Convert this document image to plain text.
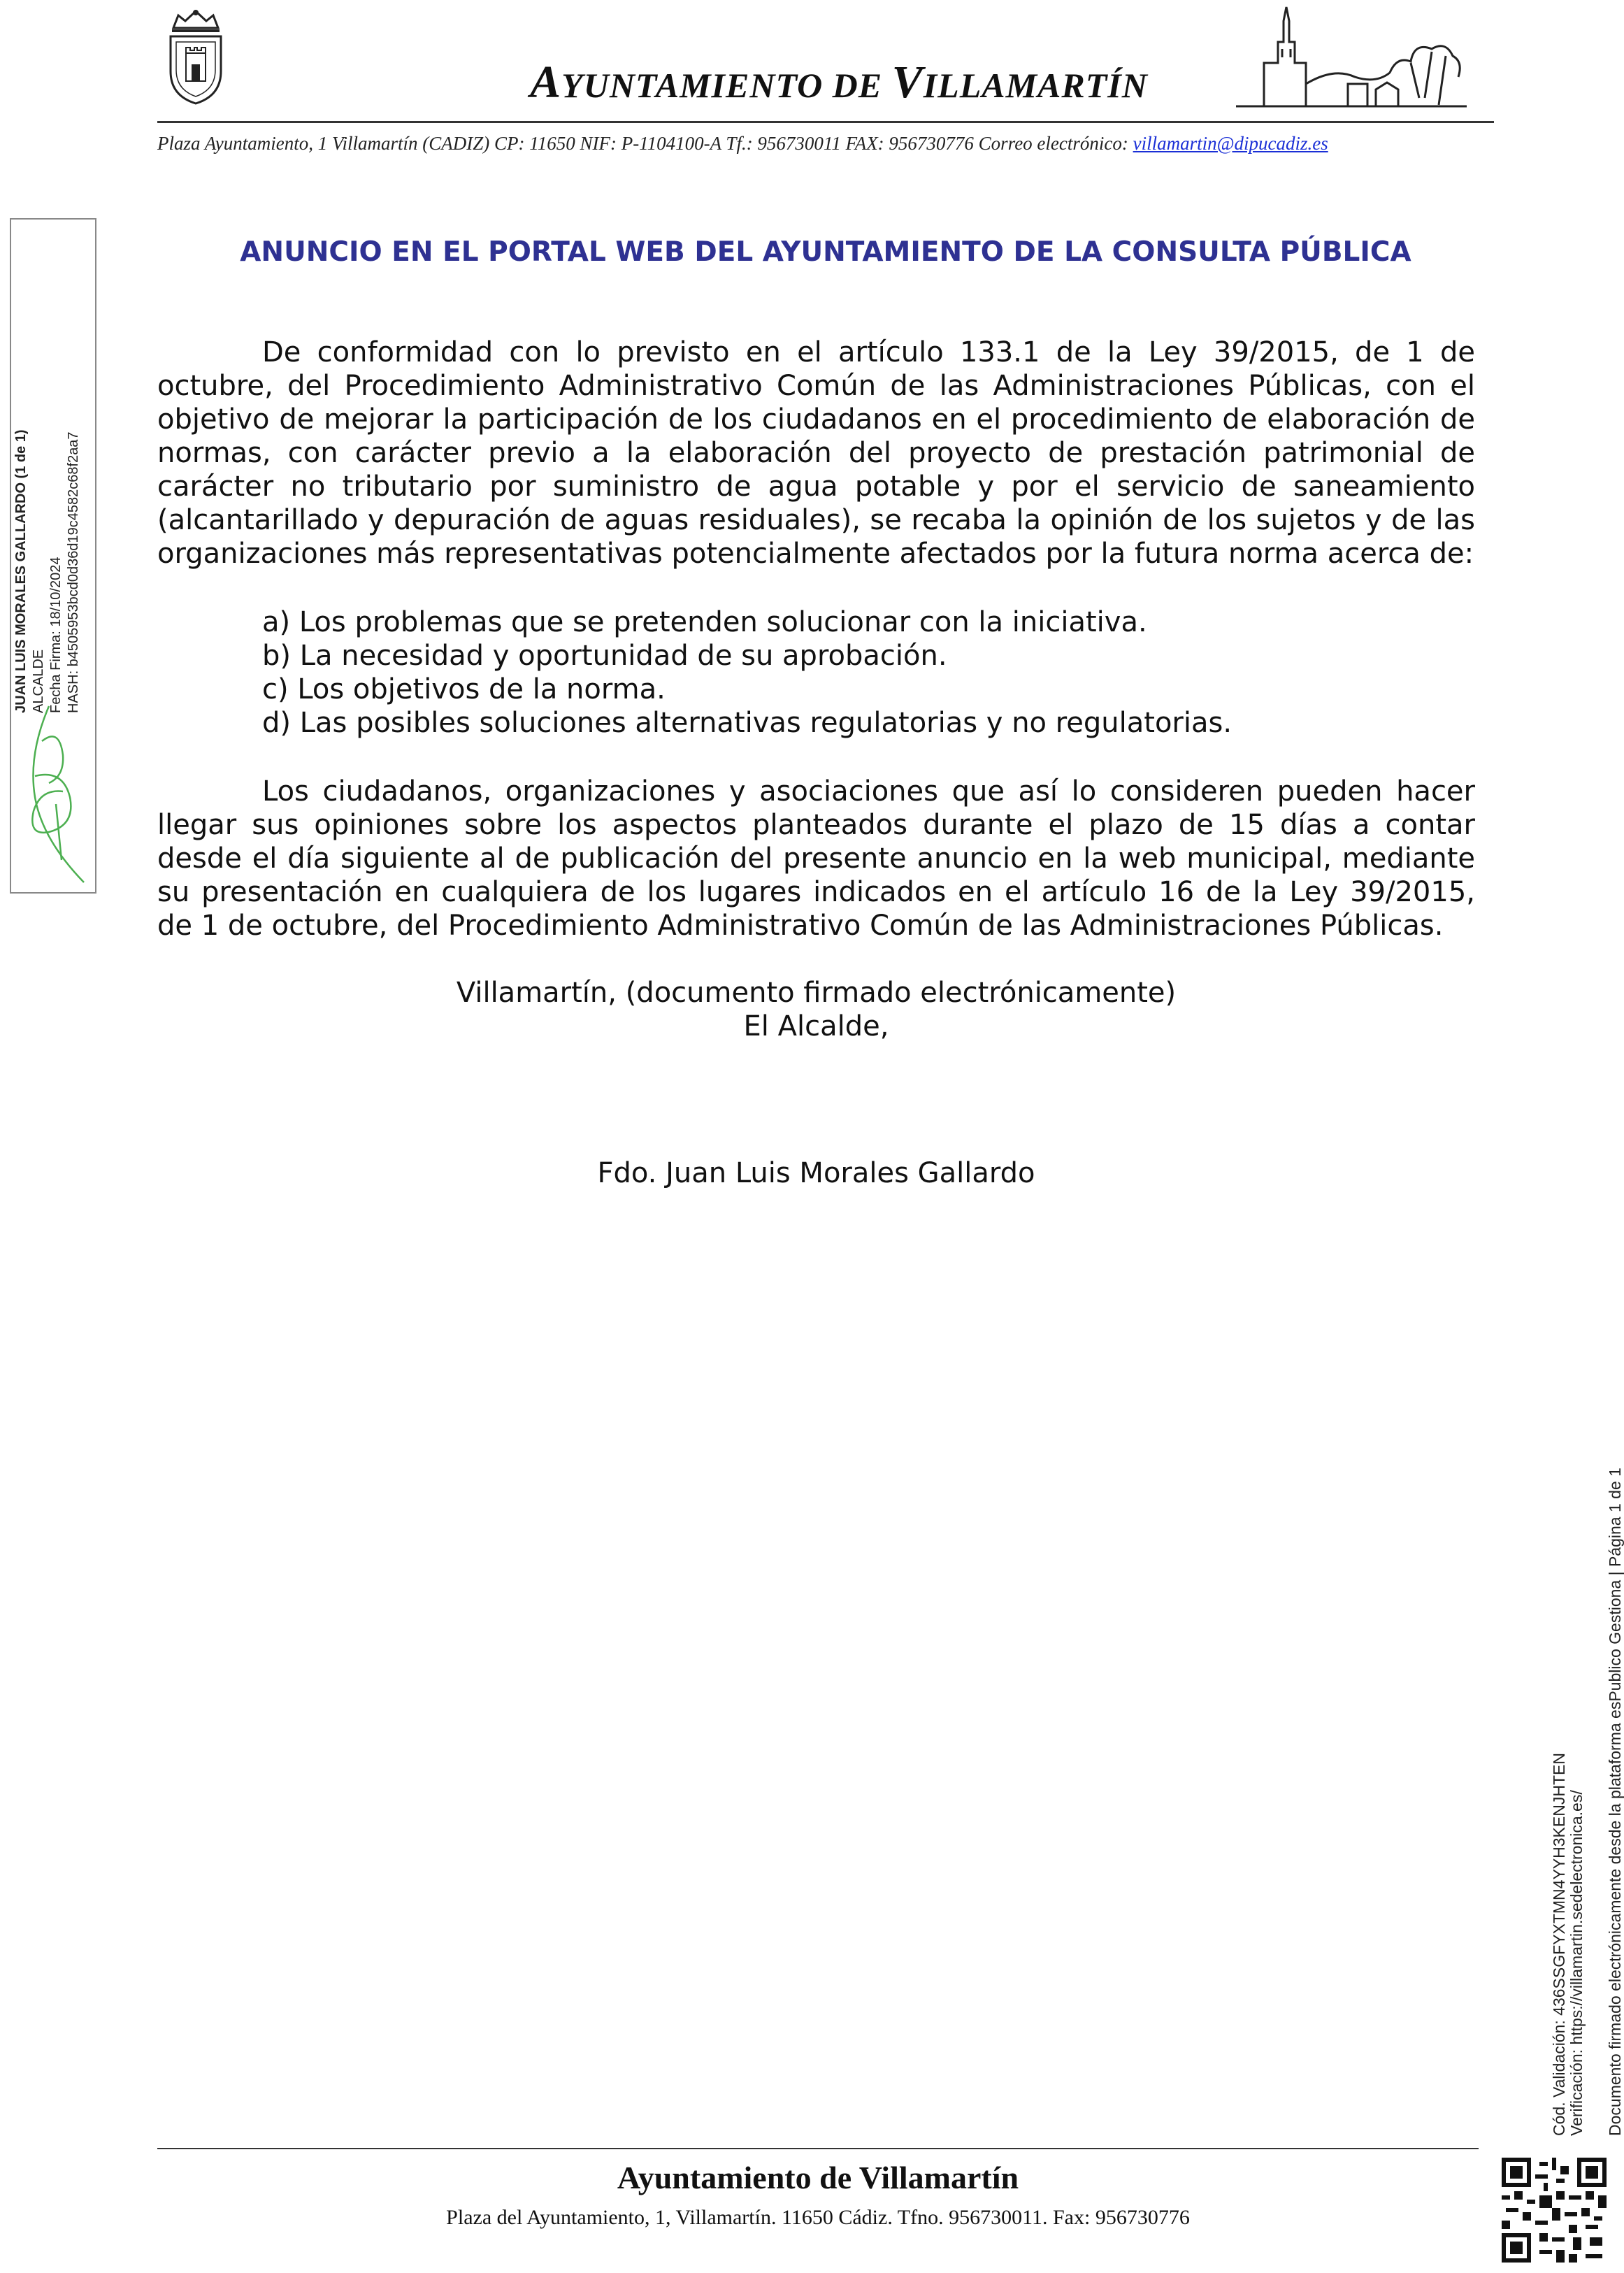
AYUNTAMIENTO DE VILLAMARTÍN
Plaza Ayuntamiento, 1 Villamartín (CADIZ) CP: 11650 NIF: P-1104100-A Tf.: 956730011 FAX: 956730776 Correo electrónico: villamartin@dipucadiz.es
JUAN LUIS MORALES GALLARDO (1 de 1) ALCALDE Fecha Firma: 18/10/2024 HASH: b4505953bcd0d36d19c4582c68f2aa7
ANUNCIO EN EL PORTAL WEB DEL AYUNTAMIENTO DE LA CONSULTA PÚBLICA

De conformidad con lo previsto en el artículo 133.1 de la Ley 39/2015, de 1 de octubre, del Procedimiento Administrativo Común de las Administraciones Públicas, con el objetivo de mejorar la participación de los ciudadanos en el procedimiento de elaboración de normas, con carácter previo a la elaboración del proyecto de prestación patrimonial de carácter no tributario por suministro de agua potable y por el servicio de saneamiento (alcantarillado y depuración de aguas residuales), se recaba la opinión de los sujetos y de las organizaciones más representativas potencialmente afectados por la futura norma acerca de:

a) Los problemas que se pretenden solucionar con la iniciativa.
b) La necesidad y oportunidad de su aprobación.
c) Los objetivos de la norma.
d) Las posibles soluciones alternativas regulatorias y no regulatorias.

Los ciudadanos, organizaciones y asociaciones que así lo consideren pueden hacer llegar sus opiniones sobre los aspectos planteados durante el plazo de 15 días a contar desde el día siguiente al de publicación del presente anuncio en la web municipal, mediante su presentación en cualquiera de los lugares indicados en el artículo 16 de la Ley 39/2015, de 1 de octubre, del Procedimiento Administrativo Común de las Administraciones Públicas.

Villamartín, (documento firmado electrónicamente)

El Alcalde,

Fdo. Juan Luis Morales Gallardo

Cód. Validación: 436SSGFYXTMN4YYH3KENJHTEN Verificación: https://villamartin.sedelectronica.es/ Documento firmado electrónicamente desde la plataforma esPublico Gestiona | Página 1 de 1
Ayuntamiento de Villamartín
Plaza del Ayuntamiento, 1, Villamartín. 11650 Cádiz. Tfno. 956730011. Fax: 956730776
